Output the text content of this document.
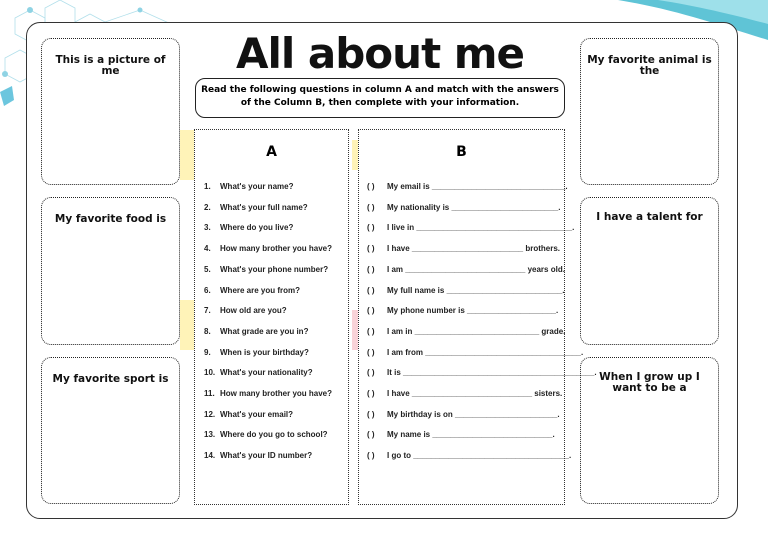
This is a picture of me
My favorite food is
My favorite sport is
My favorite animal is the
I have a talent for
When I grow up I want to be a
All about me
Read the following questions in column A and match with the answers of the Column B, then complete with your information.
A
1. What's your name?
2. What's your full name?
3. Where do you live?
4. How many brother you have?
5. What's your phone number?
6. Where are you from?
7. How old are you?
8. What grade are you in?
9. When is your birthday?
10. What's your nationality?
11. How many brother you have?
12. What's your email?
13. Where do you go to school?
14. What's your ID number?
B
( ) My email is ______________________________.
( ) My nationality is ________________________.
( ) I live in ___________________________________.
( ) I have _________________________ brothers.
( ) I am ___________________________ years old.
( ) My full name is __________________________.
( ) My phone number is ____________________.
( ) I am in ____________________________ grade.
( ) I am from ___________________________________.
( ) It is ___________________________________________.
( ) I have ___________________________ sisters.
( ) My birthday is on _______________________.
( ) My name is ___________________________.
( ) I go to ___________________________________.
